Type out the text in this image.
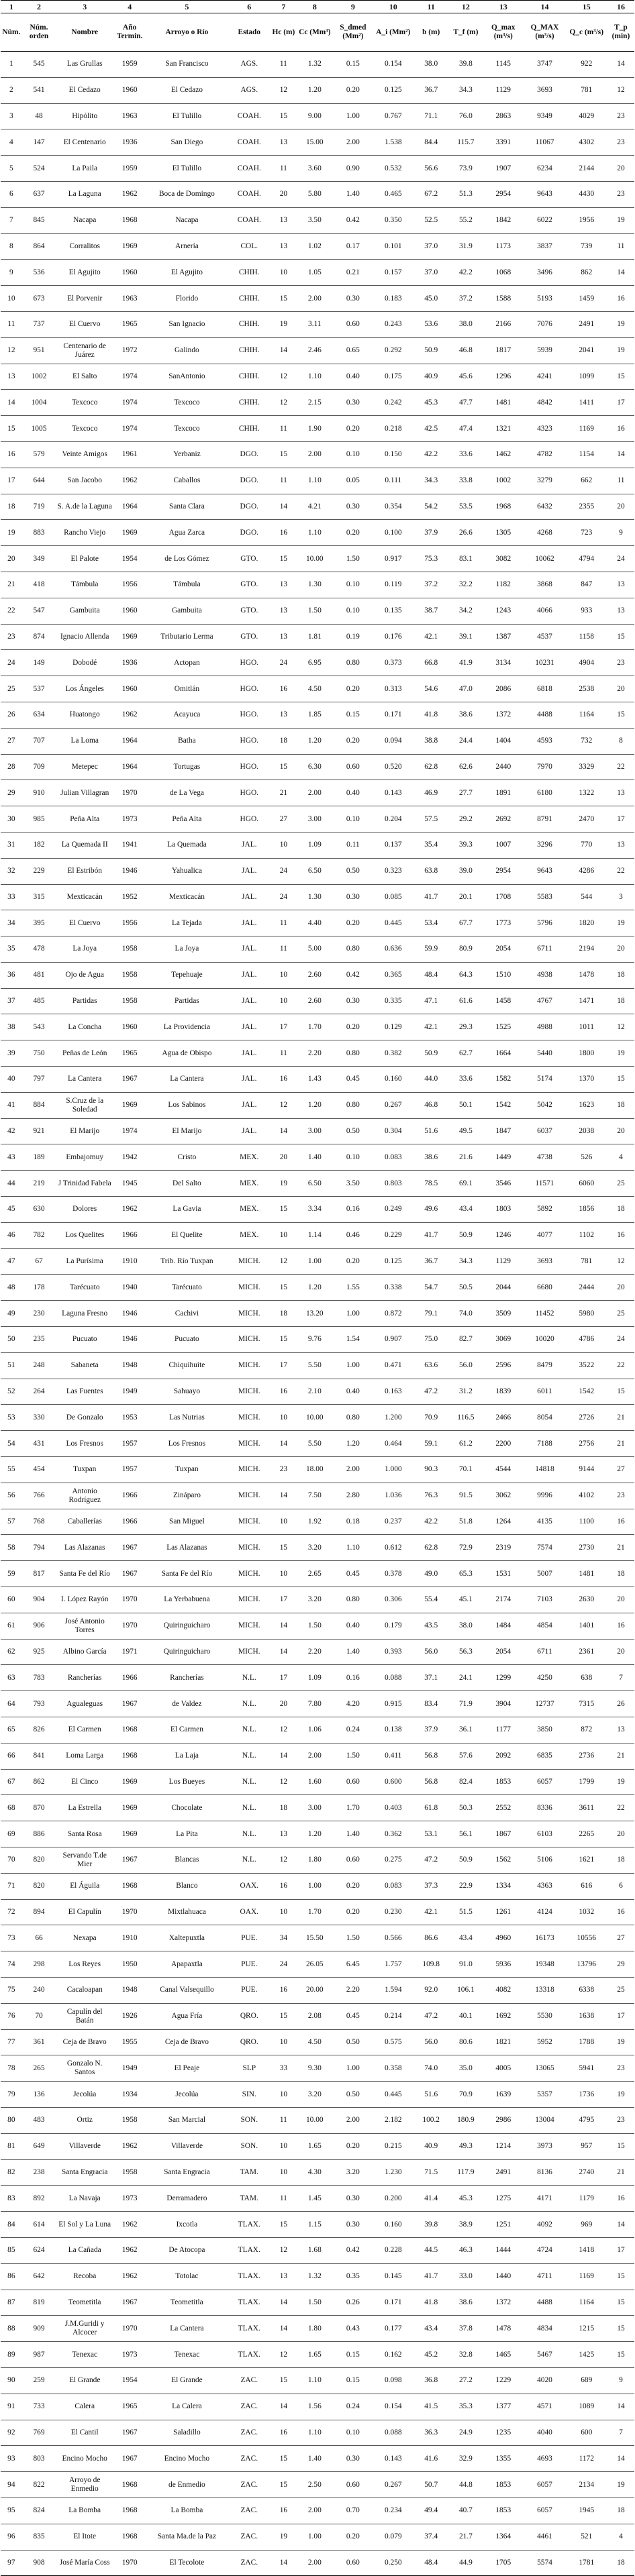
1	2	3	4	5	6	7	8	9	10	11	12	13	14	15	16
Núm.	Núm. orden	Nombre	Año Termin.	Arroyo o Río	Estado	Hc (m)	Cc (Mm³)	S_dmed (Mm²)	A_i (Mm²)	b (m)	T_f (m)	Q_max (m³/s)	Q_MAX (m³/s)	Q_c (m³/s)	T_p (min)
1	545	Las Grullas	1959	San Francisco	AGS.	11	1.32	0.15	0.154	38.0	39.8	1145	3747	922	14
2	541	El Cedazo	1960	El Cedazo	AGS.	12	1.20	0.20	0.125	36.7	34.3	1129	3693	781	12
3	48	Hipólito	1963	El Tulillo	COAH.	15	9.00	1.00	0.767	71.1	76.0	2863	9349	4029	23
4	147	El Centenario	1936	San Diego	COAH.	13	15.00	2.00	1.538	84.4	115.7	3391	11067	4302	23
5	524	La Paila	1959	El Tulillo	COAH.	11	3.60	0.90	0.532	56.6	73.9	1907	6234	2144	20
6	637	La Laguna	1962	Boca de Domingo	COAH.	20	5.80	1.40	0.465	67.2	51.3	2954	9643	4430	23
7	845	Nacapa	1968	Nacapa	COAH.	13	3.50	0.42	0.350	52.5	55.2	1842	6022	1956	19
8	864	Corralitos	1969	Arnería	COL.	13	1.02	0.17	0.101	37.0	31.9	1173	3837	739	11
9	536	El Agujito	1960	El Agujito	CHIH.	10	1.05	0.21	0.157	37.0	42.2	1068	3496	862	14
10	673	El Porvenir	1963	Florido	CHIH.	15	2.00	0.30	0.183	45.0	37.2	1588	5193	1459	16
11	737	El Cuervo	1965	San Ignacio	CHIH.	19	3.11	0.60	0.243	53.6	38.0	2166	7076	2491	19
12	951	Centenario de Juárez	1972	Galindo	CHIH.	14	2.46	0.65	0.292	50.9	46.8	1817	5939	2041	19
13	1002	El Salto	1974	SanAntonio	CHIH.	12	1.10	0.40	0.175	40.9	45.6	1296	4241	1099	15
14	1004	Texcoco	1974	Texcoco	CHIH.	12	2.15	0.30	0.242	45.3	47.7	1481	4842	1411	17
15	1005	Texcoco	1974	Texcoco	CHIH.	11	1.90	0.20	0.218	42.5	47.4	1321	4323	1169	16
16	579	Veinte Amigos	1961	Yerbaniz	DGO.	15	2.00	0.10	0.150	42.2	33.6	1462	4782	1154	14
17	644	San Jacobo	1962	Caballos	DGO.	11	1.10	0.05	0.111	34.3	33.8	1002	3279	662	11
18	719	S. A.de la Laguna	1964	Santa Clara	DGO.	14	4.21	0.30	0.354	54.2	53.5	1968	6432	2355	20
19	883	Rancho Viejo	1969	Agua Zarca	DGO.	16	1.10	0.20	0.100	37.9	26.6	1305	4268	723	9
20	349	El Palote	1954	de Los Gómez	GTO.	15	10.00	1.50	0.917	75.3	83.1	3082	10062	4794	24
21	418	Támbula	1956	Támbula	GTO.	13	1.30	0.10	0.119	37.2	32.2	1182	3868	847	13
22	547	Gambuita	1960	Gambuita	GTO.	13	1.50	0.10	0.135	38.7	34.2	1243	4066	933	13
23	874	Ignacio Allenda	1969	Tributario Lerma	GTO.	13	1.81	0.19	0.176	42.1	39.1	1387	4537	1158	15
24	149	Dobodé	1936	Actopan	HGO.	24	6.95	0.80	0.373	66.8	41.9	3134	10231	4904	23
25	537	Los Ángeles	1960	Omitlán	HGO.	16	4.50	0.20	0.313	54.6	47.0	2086	6818	2538	20
26	634	Huatongo	1962	Acayuca	HGO.	13	1.85	0.15	0.171	41.8	38.6	1372	4488	1164	15
27	707	La Loma	1964	Batha	HGO.	18	1.20	0.20	0.094	38.8	24.4	1404	4593	732	8
28	709	Metepec	1964	Tortugas	HGO.	15	6.30	0.60	0.520	62.8	62.6	2440	7970	3329	22
29	910	Julian Villagran	1970	de La Vega	HGO.	21	2.00	0.40	0.143	46.9	27.7	1891	6180	1322	13
30	985	Peña Alta	1973	Peña Alta	HGO.	27	3.00	0.10	0.204	57.5	29.2	2692	8791	2470	17
31	182	La Quemada II	1941	La Quemada	JAL.	10	1.09	0.11	0.137	35.4	39.3	1007	3296	770	13
32	229	El Estribón	1946	Yahualica	JAL.	24	6.50	0.50	0.323	63.8	39.0	2954	9643	4286	22
33	315	Mexticacán	1952	Mexticacán	JAL.	24	1.30	0.30	0.085	41.7	20.1	1708	5583	544	3
34	395	El Cuervo	1956	La Tejada	JAL.	11	4.40	0.20	0.445	53.4	67.7	1773	5796	1820	19
35	478	La Joya	1958	La Joya	JAL.	11	5.00	0.80	0.636	59.9	80.9	2054	6711	2194	20
36	481	Ojo de Agua	1958	Tepehuaje	JAL.	10	2.60	0.42	0.365	48.4	64.3	1510	4938	1478	18
37	485	Partidas	1958	Partidas	JAL.	10	2.60	0.30	0.335	47.1	61.6	1458	4767	1471	18
38	543	La Concha	1960	La Providencia	JAL.	17	1.70	0.20	0.129	42.1	29.3	1525	4988	1011	12
39	750	Peñas de León	1965	Agua de Obispo	JAL.	11	2.20	0.80	0.382	50.9	62.7	1664	5440	1800	19
40	797	La Cantera	1967	La Cantera	JAL.	16	1.43	0.45	0.160	44.0	33.6	1582	5174	1370	15
41	884	S.Cruz de la Soledad	1969	Los Sabinos	JAL.	12	1.20	0.80	0.267	46.8	50.1	1542	5042	1623	18
42	921	El Marijo	1974	El Marijo	JAL.	14	3.00	0.50	0.304	51.6	49.5	1847	6037	2038	20
43	189	Embajomuy	1942	Cristo	MEX.	20	1.40	0.10	0.083	38.6	21.6	1449	4738	526	4
44	219	J Trinidad Fabela	1945	Del Salto	MEX.	19	6.50	3.50	0.803	78.5	69.1	3546	11571	6060	25
45	630	Dolores	1962	La Gavia	MEX.	15	3.34	0.16	0.249	49.6	43.4	1803	5892	1856	18
46	782	Los Quelites	1966	El Quelite	MEX.	10	1.14	0.46	0.229	41.7	50.9	1246	4077	1102	16
47	67	La Purísima	1910	Trib. Río Tuxpan	MICH.	12	1.00	0.20	0.125	36.7	34.3	1129	3693	781	12
48	178	Tarécuato	1940	Tarécuato	MICH.	15	1.20	1.55	0.338	54.7	50.5	2044	6680	2444	20
49	230	Laguna Fresno	1946	Cachivi	MICH.	18	13.20	1.00	0.872	79.1	74.0	3509	11452	5980	25
50	235	Pucuato	1946	Pucuato	MICH.	15	9.76	1.54	0.907	75.0	82.7	3069	10020	4786	24
51	248	Sabaneta	1948	Chiquihuite	MICH.	17	5.50	1.00	0.471	63.6	56.0	2596	8479	3522	22
52	264	Las Fuentes	1949	Sahuayo	MICH.	16	2.10	0.40	0.163	47.2	31.2	1839	6011	1542	15
53	330	De Gonzalo	1953	Las Nutrias	MICH.	10	10.00	0.80	1.200	70.9	116.5	2466	8054	2726	21
54	431	Los Fresnos	1957	Los Fresnos	MICH.	14	5.50	1.20	0.464	59.1	61.2	2200	7188	2756	21
55	454	Tuxpan	1957	Tuxpan	MICH.	23	18.00	2.00	1.000	90.3	70.1	4544	14818	9144	27
56	766	Antonio Rodríguez	1966	Zináparo	MICH.	14	7.50	2.80	1.036	76.3	91.5	3062	9996	4102	23
57	768	Caballerías	1966	San Miguel	MICH.	10	1.92	0.18	0.237	42.2	51.8	1264	4135	1100	16
58	794	Las Alazanas	1967	Las Alazanas	MICH.	15	3.20	1.10	0.612	62.8	72.9	2319	7574	2730	21
59	817	Santa Fe del Río	1967	Santa Fe del Río	MICH.	10	2.65	0.45	0.378	49.0	65.3	1531	5007	1481	18
60	904	I. López Rayón	1970	La Yerbabuena	MICH.	17	3.20	0.80	0.306	55.4	45.1	2174	7103	2630	20
61	906	José Antonio Torres	1970	Quiringuicharo	MICH.	14	1.50	0.40	0.179	43.5	38.0	1484	4854	1401	16
62	925	Albino García	1971	Quiringuicharo	MICH.	14	2.20	1.40	0.393	56.0	56.3	2054	6711	2361	20
63	783	Rancherías	1966	Rancherías	N.L.	17	1.09	0.16	0.088	37.1	24.1	1299	4250	638	7
64	793	Agualeguas	1967	de Valdez	N.L.	20	7.80	4.20	0.915	83.4	71.9	3904	12737	7315	26
65	826	El Carmen	1968	El Carmen	N.L.	12	1.06	0.24	0.138	37.9	36.1	1177	3850	872	13
66	841	Loma Larga	1968	La Laja	N.L.	14	2.00	1.50	0.411	56.8	57.6	2092	6835	2736	21
67	862	El Cinco	1969	Los Bueyes	N.L.	12	1.60	0.60	0.600	56.8	82.4	1853	6057	1799	19
68	870	La Estrella	1969	Chocolate	N.L.	18	3.00	1.70	0.403	61.8	50.3	2552	8336	3611	22
69	886	Santa Rosa	1969	La Pita	N.L.	13	1.20	1.40	0.362	53.1	56.1	1867	6103	2265	20
70	820	Servando T.de Mier	1967	Blancas	N.L.	12	1.80	0.60	0.275	47.2	50.9	1562	5106	1621	18
71	820	El Águila	1968	Blanco	OAX.	16	1.00	0.20	0.083	37.3	22.9	1334	4363	616	6
72	894	El Capulín	1970	Mixtlahuaca	OAX.	10	1.70	0.20	0.230	42.1	51.5	1261	4124	1032	16
73	66	Nexapa	1910	Xaltepuxtla	PUE.	34	15.50	1.50	0.566	86.6	43.4	4960	16173	10556	27
74	298	Los Reyes	1950	Apapaxtla	PUE.	24	26.05	6.45	1.757	109.8	91.0	5936	19348	13796	29
75	240	Cacaloapan	1948	Canal Valsequillo	PUE.	16	20.00	2.20	1.594	92.0	106.1	4082	13318	6338	25
76	70	Capulín del Batán	1926	Agua Fría	QRO.	15	2.08	0.45	0.214	47.2	40.1	1692	5530	1638	17
77	361	Ceja de Bravo	1955	Ceja de Bravo	QRO.	10	4.50	0.50	0.575	56.0	80.6	1821	5952	1788	19
78	265	Gonzalo N. Santos	1949	El Peaje	SLP	33	9.30	1.00	0.358	74.0	35.0	4005	13065	5941	23
79	136	Jecolúa	1934	Jecolúa	SIN.	10	3.20	0.50	0.445	51.6	70.9	1639	5357	1736	19
80	483	Ortiz	1958	San Marcial	SON.	11	10.00	2.00	2.182	100.2	180.9	2986	13004	4795	23
81	649	Villaverde	1962	Villaverde	SON.	10	1.65	0.20	0.215	40.9	49.3	1214	3973	957	15
82	238	Santa Engracia	1958	Santa Engracia	TAM.	10	4.30	3.20	1.230	71.5	117.9	2491	8136	2740	21
83	892	La Navaja	1973	Derramadero	TAM.	11	1.45	0.30	0.200	41.4	45.3	1275	4171	1179	16
84	614	El Sol y La Luna	1962	Ixcotla	TLAX.	15	1.15	0.30	0.160	39.8	38.9	1251	4092	969	14
85	624	La Cañada	1962	De Atocopa	TLAX.	12	1.68	0.42	0.228	44.5	46.3	1444	4724	1418	17
86	642	Recoba	1962	Totolac	TLAX.	13	1.32	0.35	0.145	41.7	33.0	1440	4711	1169	15
87	819	Teometitla	1967	Teometitla	TLAX.	14	1.50	0.26	0.171	41.8	38.6	1372	4488	1164	15
88	909	J.M.Guridi y Alcocer	1970	La Cantera	TLAX.	14	1.80	0.43	0.177	43.4	37.8	1478	4834	1215	15
89	987	Tenexac	1973	Tenexac	TLAX.	12	1.65	0.15	0.162	45.2	32.8	1465	5467	1425	15
90	259	El Grande	1954	El Grande	ZAC.	15	1.10	0.15	0.098	36.8	27.2	1229	4020	689	9
91	733	Calera	1965	La Calera	ZAC.	14	1.56	0.24	0.154	41.5	35.3	1377	4571	1089	14
92	769	El Cantil	1967	Saladillo	ZAC.	16	1.10	0.10	0.088	36.3	24.9	1235	4040	600	7
93	803	Encino Mocho	1967	Encino Mocho	ZAC.	15	1.40	0.30	0.143	41.6	32.9	1355	4693	1172	14
94	822	Arroyo de Enmedio	1968	de Enmedio	ZAC.	15	2.50	0.60	0.267	50.7	44.8	1853	6057	2134	19
95	824	La Bomba	1968	La Bomba	ZAC.	16	2.00	0.70	0.234	49.4	40.7	1853	6057	1945	18
96	835	El Itote	1968	Santa Ma.de la Paz	ZAC.	19	1.00	0.20	0.079	37.4	21.7	1364	4461	521	4
97	908	José María Coss	1970	El Tecolote	ZAC.	14	2.00	0.60	0.250	48.4	44.9	1705	5574	1781	18
